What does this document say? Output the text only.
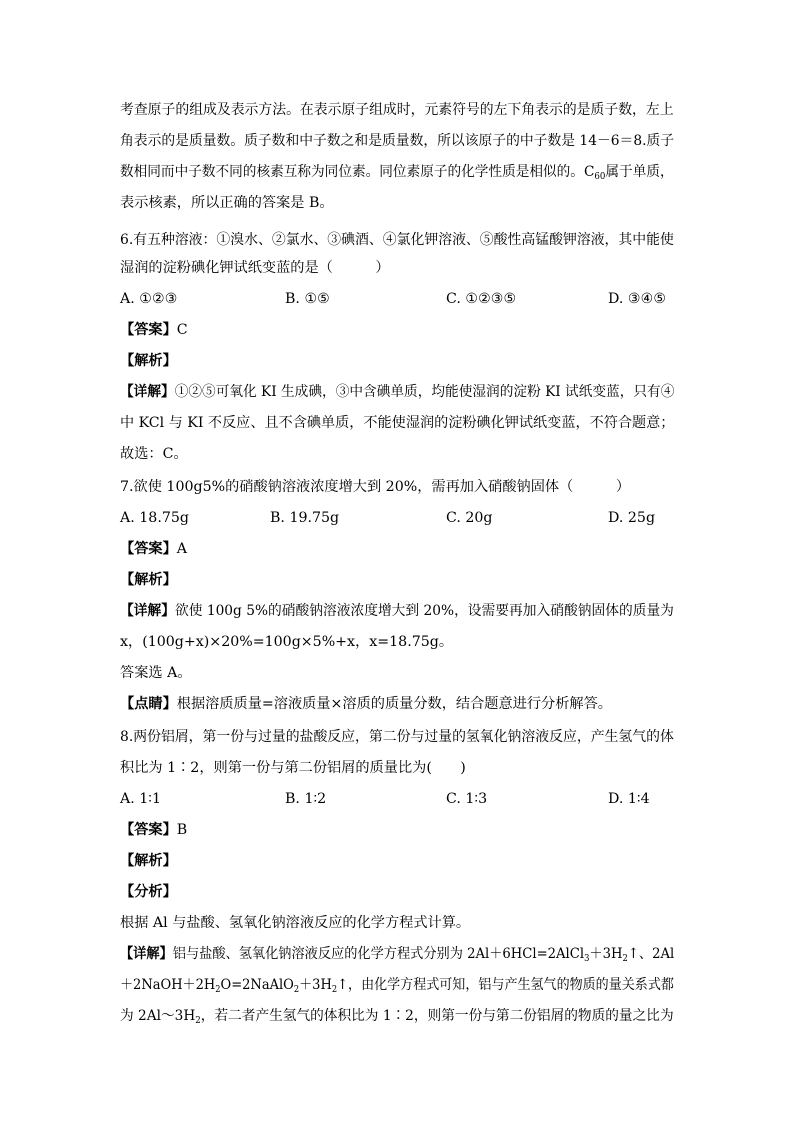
考查原子的组成及表示方法。在表示原子组成时，元素符号的左下角表示的是质子数，左上
角表示的是质量数。质子数和中子数之和是质量数，所以该原子的中子数是 14－6＝8.质子
数相同而中子数不同的核素互称为同位素。同位素原子的化学性质是相似的。$C_{60}$属于单质，
表示核素，所以正确的答案是 B。
6.有五种溶液：①溴水、②氯水、③碘酒、④氯化钾溶液、⑤酸性高锰酸钾溶液，其中能使
湿润的淀粉碘化钾试纸变蓝的是（　　　）
A. ①②③	B. ①⑤	C. ①②③⑤	D. ③④⑤
【答案】C
【解析】
【详解】①②⑤可氧化 KI 生成碘，③中含碘单质，均能使湿润的淀粉 KI 试纸变蓝，只有④
中 KCl 与 KI 不反应、且不含碘单质，不能使湿润的淀粉碘化钾试纸变蓝，不符合题意；
故选：C。
7.欲使 100g5%的硝酸钠溶液浓度增大到 20%，需再加入硝酸钠固体（　　　）
A. 18.75g	B. 19.75g	C. 20g	D. 25g
【答案】A
【解析】
【详解】欲使 100g 5%的硝酸钠溶液浓度增大到 20%，设需要再加入硝酸钠固体的质量为
x，(100g+x)×20%=100g×5%+x，x=18.75g。
答案选 A。
【点睛】根据溶质质量=溶液质量×溶质的质量分数，结合题意进行分析解答。
8.两份铝屑，第一份与过量的盐酸反应，第二份与过量的氢氧化钠溶液反应，产生氢气的体
积比为 1∶2，则第一份与第二份铝屑的质量比为(　　)
A. 1∶1	B. 1∶2	C. 1∶3	D. 1∶4
【答案】B
【解析】
【分析】
根据 Al 与盐酸、氢氧化钠溶液反应的化学方程式计算。
【详解】铝与盐酸、氢氧化钠溶液反应的化学方程式分别为 $2Al+6HCl=2AlCl_3+3H_2↑$、2Al
$+2NaOH+2H_2O=2NaAlO_2+3H_2↑$，由化学方程式可知，铝与产生氢气的物质的量关系式都
为 $2Al\sim 3H_2$，若二者产生氢气的体积比为 1∶2，则第一份与第二份铝屑的物质的量之比为
